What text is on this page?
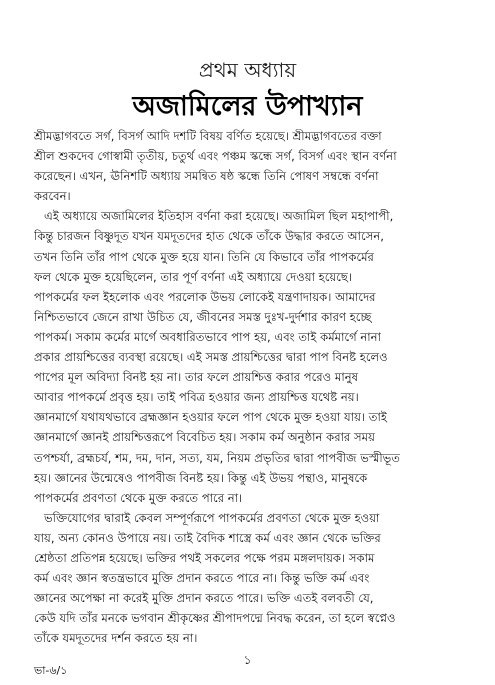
প্রথম অধ্যায়
অজামিলের উপাখ্যান
শ্রীমদ্ভাগবতে সর্গ, বিসর্গ আদি দশটি বিষয় বর্ণিত হয়েছে। শ্রীমদ্ভাগবতের বক্তা
শ্রীল শুকদেব গোস্বামী তৃতীয়, চতুর্থ এবং পঞ্চম স্কন্ধে সর্গ, বিসর্গ এবং স্থান বর্ণনা
করেছেন। এখন, ঊনিশটি অধ্যায় সমন্বিত ষষ্ঠ স্কন্ধে তিনি পোষণ সম্বন্ধে বর্ণনা
করবেন।
এই অধ্যায়ে অজামিলের ইতিহাস বর্ণনা করা হয়েছে। অজামিল ছিল মহাপাপী,
কিন্তু চারজন বিষ্ণুদূত যখন যমদূতদের হাত থেকে তাঁকে উদ্ধার করতে আসেন,
তখন তিনি তাঁর পাপ থেকে মুক্ত হয়ে যান। তিনি যে কিভাবে তাঁর পাপকর্মের
ফল থেকে মুক্ত হয়েছিলেন, তার পূর্ণ বর্ণনা এই অধ্যায়ে দেওয়া হয়েছে।
পাপকর্মের ফল ইহলোক এবং পরলোক উভয় লোকেই যন্ত্রণাদায়ক। আমাদের
নিশ্চিতভাবে জেনে রাখা উচিত যে, জীবনের সমস্ত দুঃখ-দুর্দশার কারণ হচ্ছে
পাপকর্ম। সকাম কর্মের মার্গে অবধারিতভাবে পাপ হয়, এবং তাই কর্মমার্গে নানা
প্রকার প্রায়শ্চিত্তের ব্যবস্থা রয়েছে। এই সমস্ত প্রায়শ্চিত্তের দ্বারা পাপ বিনষ্ট হলেও
পাপের মূল অবিদ্যা বিনষ্ট হয় না। তার ফলে প্রায়শ্চিত্ত করার পরেও মানুষ
আবার পাপকর্মে প্রবৃত্ত হয়। তাই পবিত্র হওয়ার জন্য প্রায়শ্চিত্ত যথেষ্ট নয়।
জ্ঞানমার্গে যথাযথভাবে ব্রহ্মজ্ঞান হওয়ার ফলে পাপ থেকে মুক্ত হওয়া যায়। তাই
জ্ঞানমার্গে জ্ঞানই প্রায়শ্চিত্তরূপে বিবেচিত হয়। সকাম কর্ম অনুষ্ঠান করার সময়
তপশ্চর্যা, ব্রহ্মচর্য, শম, দম, দান, সত্য, যম, নিয়ম প্রভৃতির দ্বারা পাপবীজ ভস্মীভূত
হয়। জ্ঞানের উন্মেষেও পাপবীজ বিনষ্ট হয়। কিন্তু এই উভয় পন্থাও, মানুষকে
পাপকর্মের প্রবণতা থেকে মুক্ত করতে পারে না।
ভক্তিযোগের দ্বারাই কেবল সম্পূর্ণরূপে পাপকর্মের প্রবণতা থেকে মুক্ত হওয়া
যায়, অন্য কোনও উপায়ে নয়। তাই বৈদিক শাস্ত্রে কর্ম এবং জ্ঞান থেকে ভক্তির
শ্রেষ্ঠতা প্রতিপন্ন হয়েছে। ভক্তির পথই সকলের পক্ষে পরম মঙ্গলদায়ক। সকাম
কর্ম এবং জ্ঞান স্বতন্ত্রভাবে মুক্তি প্রদান করতে পারে না। কিন্তু ভক্তি কর্ম এবং
জ্ঞানের অপেক্ষা না করেই মুক্তি প্রদান করতে পারে। ভক্তি এতই বলবতী যে,
কেউ যদি তাঁর মনকে ভগবান শ্রীকৃষ্ণের শ্রীপাদপদ্মে নিবদ্ধ করেন, তা হলে স্বপ্নেও
তাঁকে যমদূতদের দর্শন করতে হয় না।
১
ভা-৬/১
